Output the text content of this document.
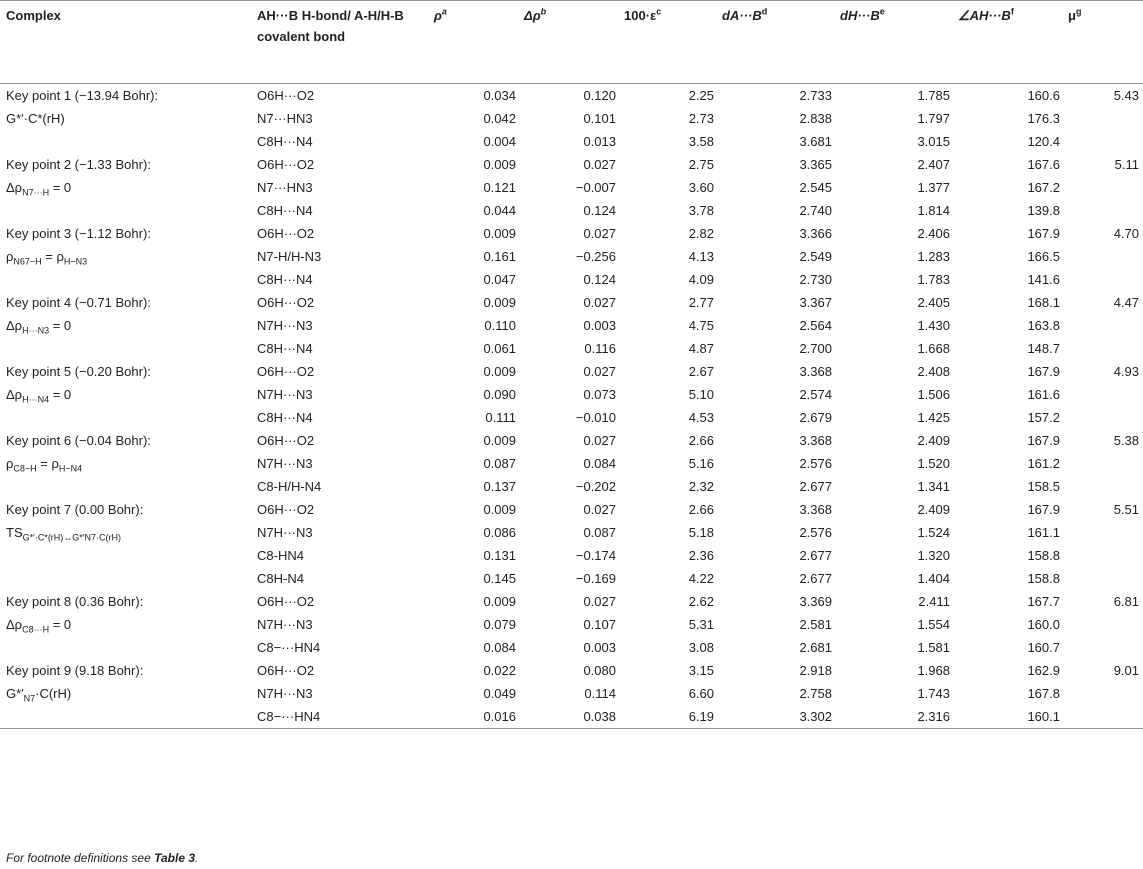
Complex	AH···B H-bond/ A-H/H-B covalent bond	$\rho^a$	$\Delta\rho^b$	$100\cdot\varepsilon^c$	$dA\cdot\cdot\cdot B^d$	$dH\cdot\cdot\cdot B^e$	$\angle AH\cdot\cdot\cdot B^f$	$\mu^g$
Key point 1 (−13.94 Bohr):	O6H···O2	0.034	0.120	2.25	2.733	1.785	160.6	5.43
G*′·C*(rH)	N7···HN3	0.042	0.101	2.73	2.838	1.797	176.3	
	C8H···N4	0.004	0.013	3.58	3.681	3.015	120.4	
Key point 2 (−1.33 Bohr):	O6H···O2	0.009	0.027	2.75	3.365	2.407	167.6	5.11
$\Delta\rho_{N7\cdot\cdot\cdot H} = 0$	N7···HN3	0.121	−0.007	3.60	2.545	1.377	167.2	
	C8H···N4	0.044	0.124	3.78	2.740	1.814	139.8	
Key point 3 (−1.12 Bohr):	O6H···O2	0.009	0.027	2.82	3.366	2.406	167.9	4.70
$\rho_{N67-H} = \rho_{H-N3}$	N7-H/H-N3	0.161	−0.256	4.13	2.549	1.283	166.5	
	C8H···N4	0.047	0.124	4.09	2.730	1.783	141.6	
Key point 4 (−0.71 Bohr):	O6H···O2	0.009	0.027	2.77	3.367	2.405	168.1	4.47
$\Delta\rho_{H\cdot\cdot\cdot N3} = 0$	N7H···N3	0.110	0.003	4.75	2.564	1.430	163.8	
	C8H···N4	0.061	0.116	4.87	2.700	1.668	148.7	
Key point 5 (−0.20 Bohr):	O6H···O2	0.009	0.027	2.67	3.368	2.408	167.9	4.93
$\Delta\rho_{H\cdot\cdot\cdot N4} = 0$	N7H···N3	0.090	0.073	5.10	2.574	1.506	161.6	
	C8H···N4	0.111	−0.010	4.53	2.679	1.425	157.2	
Key point 6 (−0.04 Bohr):	O6H···O2	0.009	0.027	2.66	3.368	2.409	167.9	5.38
$\rho_{C8-H} = \rho_{H-N4}$	N7H···N3	0.087	0.084	5.16	2.576	1.520	161.2	
	C8-H/H-N4	0.137	−0.202	2.32	2.677	1.341	158.5	
Key point 7 (0.00 Bohr):	O6H···O2	0.009	0.027	2.66	3.368	2.409	167.9	5.51
$TS_{G*'\cdot C*(rH)\leftrightarrow G*'N7\cdot C(rH)}$	N7H···N3	0.086	0.087	5.18	2.576	1.524	161.1	
	C8-HN4	0.131	−0.174	2.36	2.677	1.320	158.8	
	C8H-N4	0.145	−0.169	4.22	2.677	1.404	158.8	
Key point 8 (0.36 Bohr):	O6H···O2	0.009	0.027	2.62	3.369	2.411	167.7	6.81
$\Delta\rho_{C8\cdot\cdot\cdot H} = 0$	N7H···N3	0.079	0.107	5.31	2.581	1.554	160.0	
	C8−···HN4	0.084	0.003	3.08	2.681	1.581	160.7	
Key point 9 (9.18 Bohr):	O6H···O2	0.022	0.080	3.15	2.918	1.968	162.9	9.01
$G*'_{N7}\cdot C(rH)$	N7H···N3	0.049	0.114	6.60	2.758	1.743	167.8	
	C8−···HN4	0.016	0.038	6.19	3.302	2.316	160.1	
For footnote definitions see Table 3.
